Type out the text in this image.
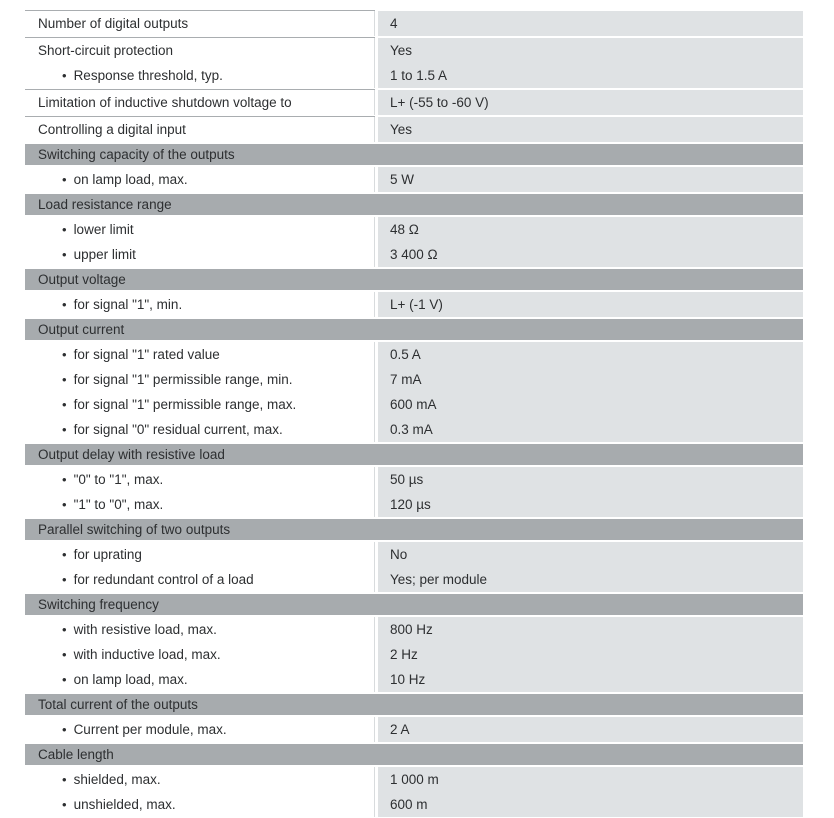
Number of digital outputs	4
Short-circuit protection	Yes
• Response threshold, typ.	1 to 1.5 A
Limitation of inductive shutdown voltage to	L+ (-55 to -60 V)
Controlling a digital input	Yes
Switching capacity of the outputs
• on lamp load, max.	5 W
Load resistance range
• lower limit	48 Ω
• upper limit	3 400 Ω
Output voltage
• for signal "1", min.	L+ (-1 V)
Output current
• for signal "1" rated value	0.5 A
• for signal "1" permissible range, min.	7 mA
• for signal "1" permissible range, max.	600 mA
• for signal "0" residual current, max.	0.3 mA
Output delay with resistive load
• "0" to "1", max.	50 µs
• "1" to "0", max.	120 µs
Parallel switching of two outputs
• for uprating	No
• for redundant control of a load	Yes; per module
Switching frequency
• with resistive load, max.	800 Hz
• with inductive load, max.	2 Hz
• on lamp load, max.	10 Hz
Total current of the outputs
• Current per module, max.	2 A
Cable length
• shielded, max.	1 000 m
• unshielded, max.	600 m
